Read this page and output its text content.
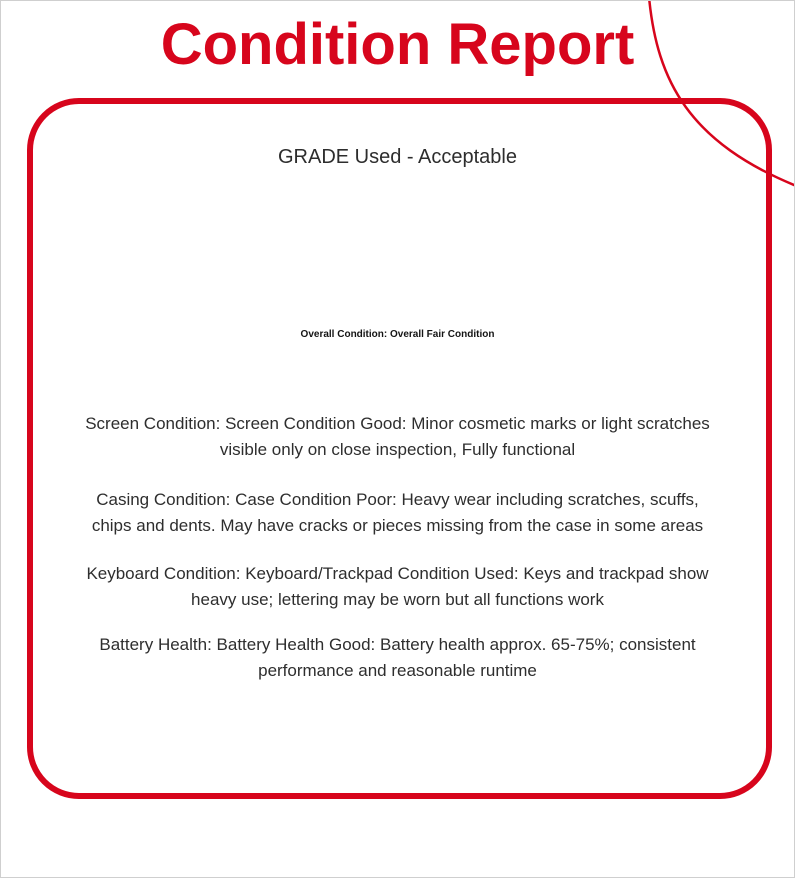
Condition Report
GRADE Used - Acceptable
Overall Condition: Overall Fair Condition

Screen Condition: Screen Condition Good: Minor cosmetic marks or light scratches visible only on close inspection, Fully functional

Casing Condition: Case Condition Poor: Heavy wear including scratches, scuffs, chips and dents. May have cracks or pieces missing from the case in some areas

Keyboard Condition: Keyboard/Trackpad Condition Used: Keys and trackpad show heavy use; lettering may be worn but all functions work

Battery Health: Battery Health Good: Battery health approx. 65-75%; consistent performance and reasonable runtime
